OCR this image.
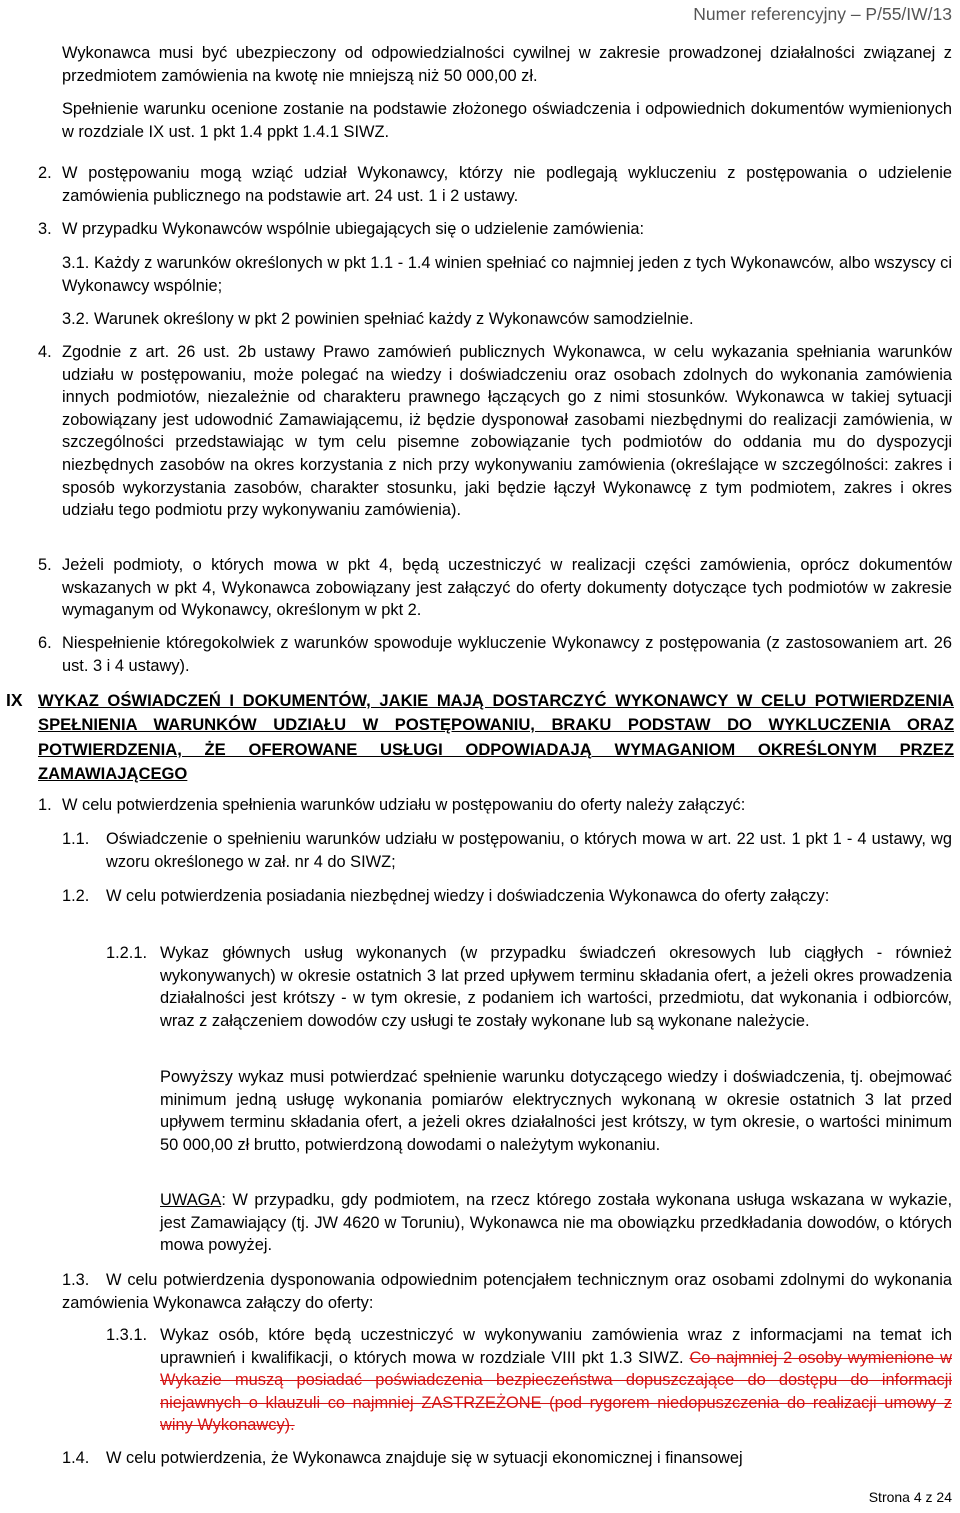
Numer referencyjny – P/55/IW/13

Wykonawca musi być ubezpieczony od odpowiedzialności cywilnej w zakresie prowadzonej działalności związanej z przedmiotem zamówienia na kwotę nie mniejszą niż 50 000,00 zł.

Spełnienie warunku ocenione zostanie na podstawie złożonego oświadczenia i odpowiednich dokumentów wymienionych w rozdziale IX ust. 1 pkt 1.4 ppkt 1.4.1 SIWZ.

2. W postępowaniu mogą wziąć udział Wykonawcy, którzy nie podlegają wykluczeniu z postępowania o udzielenie zamówienia publicznego na podstawie art. 24 ust. 1 i 2 ustawy.

3. W przypadku Wykonawców wspólnie ubiegających się o udzielenie zamówienia:

3.1. Każdy z warunków określonych w pkt 1.1 - 1.4 winien spełniać co najmniej jeden z tych Wykonawców, albo wszyscy ci Wykonawcy wspólnie;

3.2. Warunek określony w pkt 2 powinien spełniać każdy z Wykonawców samodzielnie.

4. Zgodnie z art. 26 ust. 2b ustawy Prawo zamówień publicznych Wykonawca, w celu wykazania spełniania warunków udziału w postępowaniu, może polegać na wiedzy i doświadczeniu oraz osobach zdolnych do wykonania zamówienia innych podmiotów, niezależnie od charakteru prawnego łączących go z nimi stosunków. Wykonawca w takiej sytuacji zobowiązany jest udowodnić Zamawiającemu, iż będzie dysponował zasobami niezbędnymi do realizacji zamówienia, w szczególności przedstawiając w tym celu pisemne zobowiązanie tych podmiotów do oddania mu do dyspozycji niezbędnych zasobów na okres korzystania z nich przy wykonywaniu zamówienia (określające w szczególności: zakres i sposób wykorzystania zasobów, charakter stosunku, jaki będzie łączył Wykonawcę z tym podmiotem, zakres i okres udziału tego podmiotu przy wykonywaniu zamówienia).

5. Jeżeli podmioty, o których mowa w pkt 4, będą uczestniczyć w realizacji części zamówienia, oprócz dokumentów wskazanych w pkt 4, Wykonawca zobowiązany jest załączyć do oferty dokumenty dotyczące tych podmiotów w zakresie wymaganym od Wykonawcy, określonym w pkt 2.

6. Niespełnienie któregokolwiek z warunków spowoduje wykluczenie Wykonawcy z postępowania (z zastosowaniem art. 26 ust. 3 i 4 ustawy).

IX WYKAZ OŚWIADCZEŃ I DOKUMENTÓW, JAKIE MAJĄ DOSTARCZYĆ WYKONAWCY W CELU POTWIERDZENIA SPEŁNIENIA WARUNKÓW UDZIAŁU W POSTĘPOWANIU, BRAKU PODSTAW DO WYKLUCZENIA ORAZ POTWIERDZENIA, ŻE OFEROWANE USŁUGI ODPOWIADAJĄ WYMAGANIOM OKREŚLONYM PRZEZ ZAMAWIAJĄCEGO

1. W celu potwierdzenia spełnienia warunków udziału w postępowaniu do oferty należy załączyć:

1.1. Oświadczenie o spełnieniu warunków udziału w postępowaniu, o których mowa w art. 22 ust. 1 pkt 1 - 4 ustawy, wg wzoru określonego w zał. nr 4 do SIWZ;

1.2. W celu potwierdzenia posiadania niezbędnej wiedzy i doświadczenia Wykonawca do oferty załączy:

1.2.1. Wykaz głównych usług wykonanych (w przypadku świadczeń okresowych lub ciągłych - również wykonywanych) w okresie ostatnich 3 lat przed upływem terminu składania ofert, a jeżeli okres prowadzenia działalności jest krótszy - w tym okresie, z podaniem ich wartości, przedmiotu, dat wykonania i odbiorców, wraz z załączeniem dowodów czy usługi te zostały wykonane lub są wykonane należycie.

Powyższy wykaz musi potwierdzać spełnienie warunku dotyczącego wiedzy i doświadczenia, tj. obejmować minimum jedną usługę wykonania pomiarów elektrycznych wykonaną w okresie ostatnich 3 lat przed upływem terminu składania ofert, a jeżeli okres działalności jest krótszy, w tym okresie, o wartości minimum 50 000,00 zł brutto, potwierdzoną dowodami o należytym wykonaniu.

UWAGA: W przypadku, gdy podmiotem, na rzecz którego została wykonana usługa wskazana w wykazie, jest Zamawiający (tj. JW 4620 w Toruniu), Wykonawca nie ma obowiązku przedkładania dowodów, o których mowa powyżej.

1.3.	W celu potwierdzenia dysponowania odpowiednim potencjałem technicznym oraz osobami zdolnymi do wykonania zamówienia Wykonawca załączy do oferty:

1.3.1. Wykaz osób, które będą uczestniczyć w wykonywaniu zamówienia wraz z informacjami na temat ich uprawnień i kwalifikacji, o których mowa w rozdziale VIII pkt 1.3 SIWZ. Co najmniej 2 osoby wymienione w Wykazie muszą posiadać poświadczenia bezpieczeństwa dopuszczające do dostępu do informacji niejawnych o klauzuli co najmniej ZASTRZEŻONE (pod rygorem niedopuszczenia do realizacji umowy z winy Wykonawcy).

1.4. W celu potwierdzenia, że Wykonawca znajduje się w sytuacji ekonomicznej i finansowej

Strona 4 z 24
